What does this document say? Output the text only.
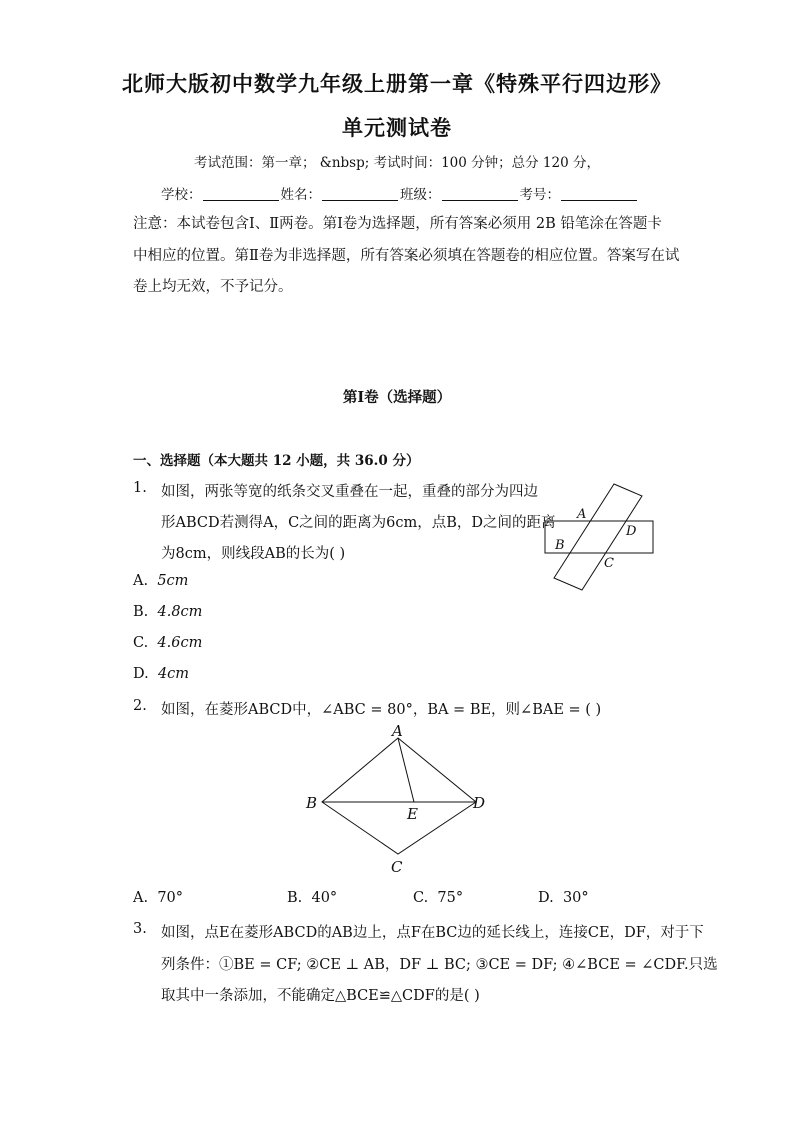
北师大版初中数学九年级上册第一章《特殊平行四边形》
单元测试卷
考试范围：第一章； &nbsp; 考试时间：100 分钟；总分 120 分，
学校：	姓名：	班级：	考号：
注意：本试卷包含Ⅰ、Ⅱ两卷。第Ⅰ卷为选择题，所有答案必须用 2B 铅笔涂在答题卡
中相应的位置。第Ⅱ卷为非选择题，所有答案必须填在答题卷的相应位置。答案写在试
卷上均无效，不予记分。
第Ⅰ卷（选择题）
一、选择题（本大题共 12 小题，共 36.0 分）
1. 如图，两张等宽的纸条交叉重叠在一起，重叠的部分为四边
形ABCD若测得A，C之间的距离为6cm，点B，D之间的距离
为8cm，则线段AB的长为( )
A. 5cm
B. 4.8cm
C. 4.6cm
D. 4cm
A
B
C
D
2. 如图，在菱形ABCD中，∠ABC = 80°，BA = BE，则∠BAE = ( )
A
B
C
D
E
A. 70°	B. 40°	C. 75°	D. 30°
3. 如图，点E在菱形ABCD的AB边上，点F在BC边的延长线上，连接CE，DF，对于下
列条件：①BE = CF; ②CE ⊥ AB，DF ⊥ BC; ③CE = DF; ④∠BCE = ∠CDF.只选
取其中一条添加，不能确定△BCE≌△CDF的是( )
